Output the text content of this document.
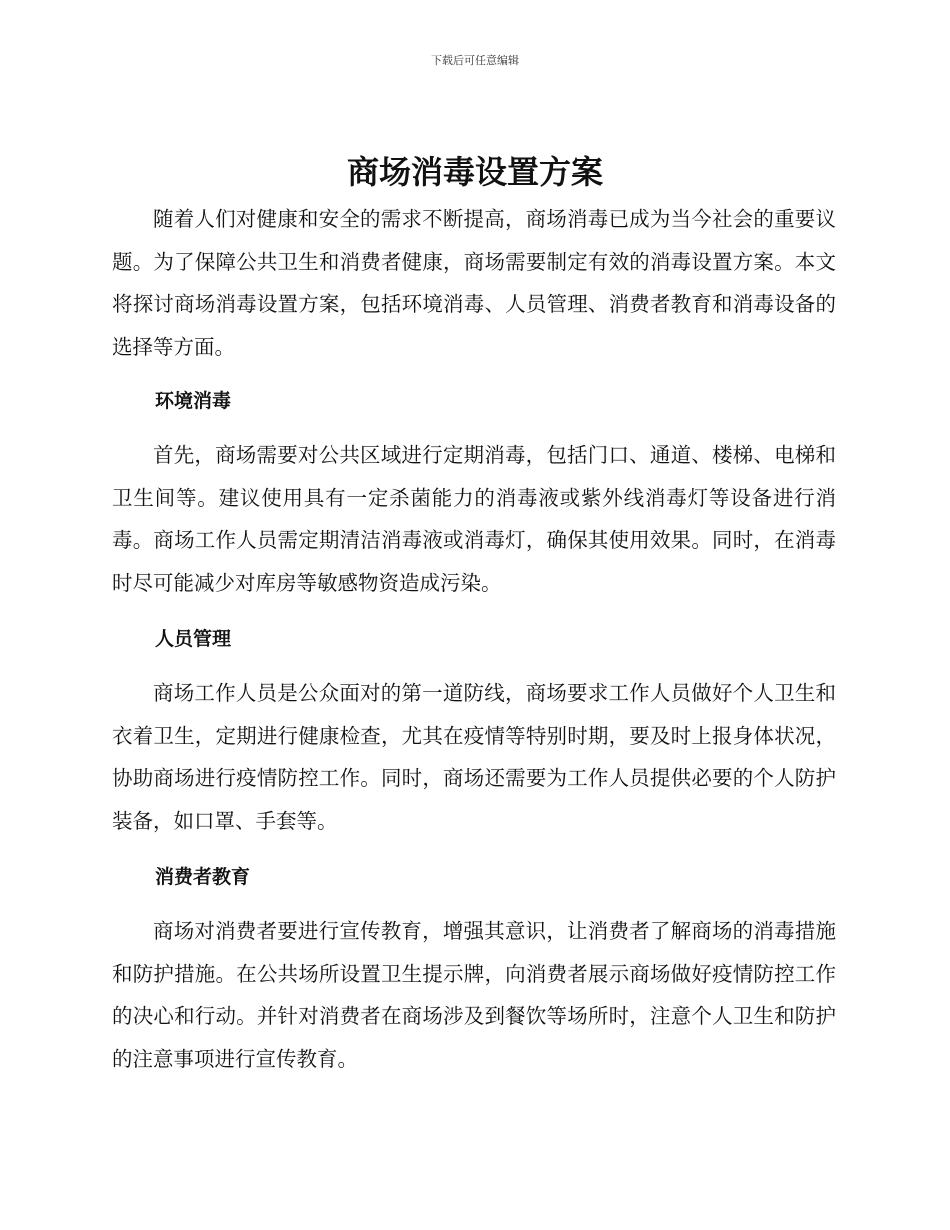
下载后可任意编辑
商场消毒设置方案

随着人们对健康和安全的需求不断提高，商场消毒已成为当今社会的重要议题。为了保障公共卫生和消费者健康，商场需要制定有效的消毒设置方案。本文将探讨商场消毒设置方案，包括环境消毒、人员管理、消费者教育和消毒设备的选择等方面。

环境消毒

首先，商场需要对公共区域进行定期消毒，包括门口、通道、楼梯、电梯和卫生间等。建议使用具有一定杀菌能力的消毒液或紫外线消毒灯等设备进行消毒。商场工作人员需定期清洁消毒液或消毒灯，确保其使用效果。同时，在消毒时尽可能减少对库房等敏感物资造成污染。

人员管理

商场工作人员是公众面对的第一道防线，商场要求工作人员做好个人卫生和衣着卫生，定期进行健康检查，尤其在疫情等特别时期，要及时上报身体状况，协助商场进行疫情防控工作。同时，商场还需要为工作人员提供必要的个人防护装备，如口罩、手套等。

消费者教育

商场对消费者要进行宣传教育，增强其意识，让消费者了解商场的消毒措施和防护措施。在公共场所设置卫生提示牌，向消费者展示商场做好疫情防控工作的决心和行动。并针对消费者在商场涉及到餐饮等场所时，注意个人卫生和防护的注意事项进行宣传教育。
